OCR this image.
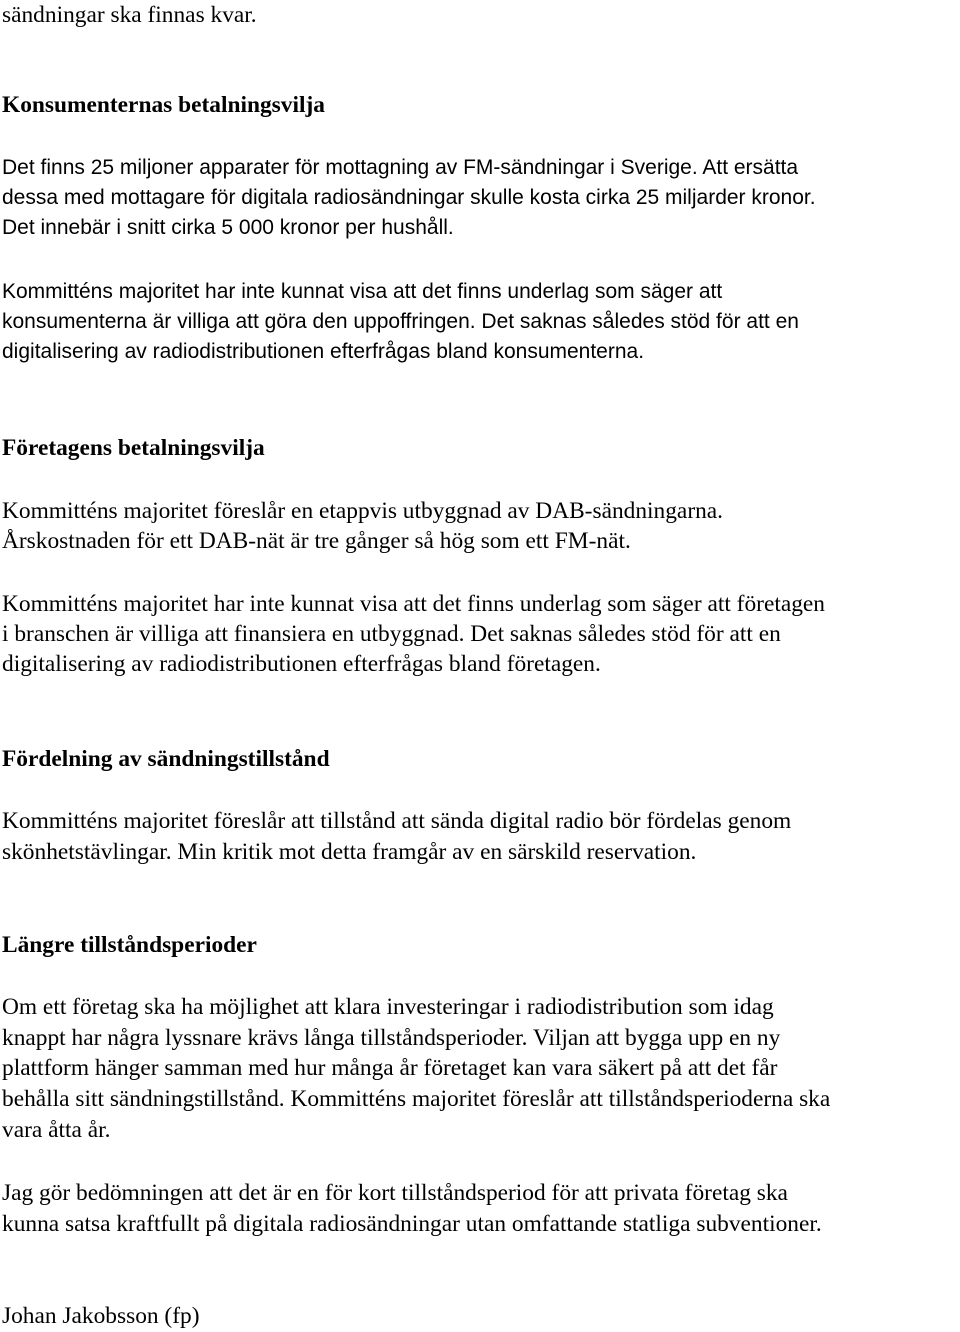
sändningar ska finnas kvar.
Konsumenternas betalningsvilja
Det finns 25 miljoner apparater för mottagning av FM-sändningar i Sverige. Att ersätta
dessa med mottagare för digitala radiosändningar skulle kosta cirka 25 miljarder kronor.
Det innebär i snitt cirka 5 000 kronor per hushåll.
Kommitténs majoritet har inte kunnat visa att det finns underlag som säger att
konsumenterna är villiga att göra den uppoffringen. Det saknas således stöd för att en
digitalisering av radiodistributionen efterfrågas bland konsumenterna.
Företagens betalningsvilja
Kommitténs majoritet föreslår en etappvis utbyggnad av DAB-sändningarna.
Årskostnaden för ett DAB-nät är tre gånger så hög som ett FM-nät.
Kommitténs majoritet har inte kunnat visa att det finns underlag som säger att företagen
i branschen är villiga att finansiera en utbyggnad. Det saknas således stöd för att en
digitalisering av radiodistributionen efterfrågas bland företagen.
Fördelning av sändningstillstånd
Kommitténs majoritet föreslår att tillstånd att sända digital radio bör fördelas genom
skönhetstävlingar. Min kritik mot detta framgår av en särskild reservation.
Längre tillståndsperioder
Om ett företag ska ha möjlighet att klara investeringar i radiodistribution som idag
knappt har några lyssnare krävs långa tillståndsperioder. Viljan att bygga upp en ny
plattform hänger samman med hur många år företaget kan vara säkert på att det får
behålla sitt sändningstillstånd. Kommitténs majoritet föreslår att tillståndsperioderna ska
vara åtta år.
Jag gör bedömningen att det är en för kort tillståndsperiod för att privata företag ska
kunna satsa kraftfullt på digitala radiosändningar utan omfattande statliga subventioner.
Johan Jakobsson (fp)
